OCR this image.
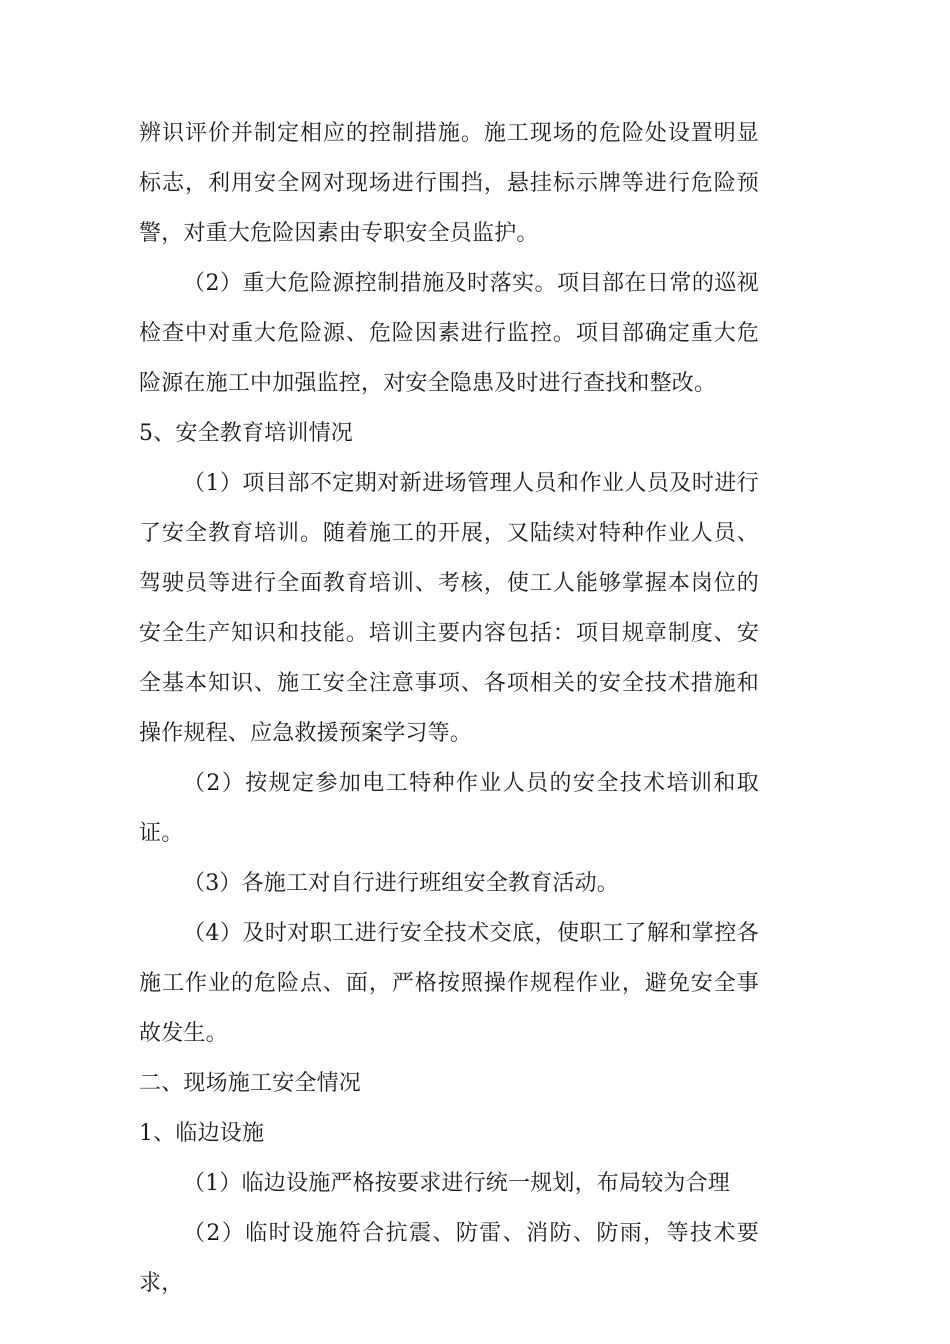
辨识评价并制定相应的控制措施。施工现场的危险处设置明显标志，利用安全网对现场进行围挡，悬挂标示牌等进行危险预警，对重大危险因素由专职安全员监护。

（2）重大危险源控制措施及时落实。项目部在日常的巡视检查中对重大危险源、危险因素进行监控。项目部确定重大危险源在施工中加强监控，对安全隐患及时进行查找和整改。

5、安全教育培训情况

（1）项目部不定期对新进场管理人员和作业人员及时进行了安全教育培训。随着施工的开展，又陆续对特种作业人员、驾驶员等进行全面教育培训、考核，使工人能够掌握本岗位的安全生产知识和技能。培训主要内容包括：项目规章制度、安全基本知识、施工安全注意事项、各项相关的安全技术措施和操作规程、应急救援预案学习等。

（2）按规定参加电工特种作业人员的安全技术培训和取证。

（3）各施工对自行进行班组安全教育活动。

（4）及时对职工进行安全技术交底，使职工了解和掌控各施工作业的危险点、面，严格按照操作规程作业，避免安全事故发生。

二、现场施工安全情况

1、临边设施

（1）临边设施严格按要求进行统一规划，布局较为合理

（2）临时设施符合抗震、防雷、消防、防雨，等技术要求，
